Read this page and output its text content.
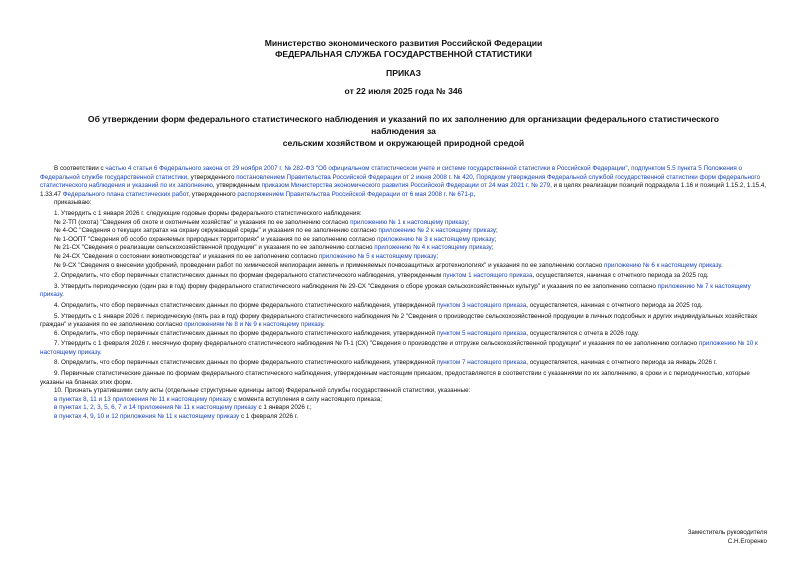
Министерство экономического развития Российской Федерации
ФЕДЕРАЛЬНАЯ СЛУЖБА ГОСУДАРСТВЕННОЙ СТАТИСТИКИ
ПРИКАЗ
от 22 июля 2025 года № 346
Об утверждении форм федерального статистического наблюдения и указаний по их заполнению для организации федерального статистического наблюдения за
сельским хозяйством и окружающей природной средой

В соответствии с частью 4 статьи 6 Федерального закона от 29 ноября 2007 г. № 282-ФЗ "Об официальном статистическом учете и системе государственной статистики в Российской Федерации", подпунктом 5.5 пункта 5 Положения о Федеральной службе государственной статистики, утвержденного постановлением Правительства Российской Федерации от 2 июня 2008 г. № 420, Порядком утверждения Федеральной службой государственной статистики форм федерального статистического наблюдения и указаний по их заполнению, утвержденным приказом Министерства экономического развития Российской Федерации от 24 мая 2021 г. № 279, и в целях реализации позиций подраздела 1.16 и позиций 1.15.2, 1.15.4, 1.33.47 Федерального плана статистических работ, утвержденного распоряжением Правительства Российской Федерации от 6 мая 2008 г. № 671-р,

приказываю:

1. Утвердить с 1 января 2026 г. следующие годовые формы федерального статистического наблюдения:

№ 2-ТП (охота) "Сведения об охоте и охотничьем хозяйстве" и указания по ее заполнению согласно приложению № 1 к настоящему приказу;

№ 4-ОС "Сведения о текущих затратах на охрану окружающей среды" и указания по ее заполнению согласно приложению № 2 к настоящему приказу;

№ 1-ООПТ "Сведения об особо охраняемых природных территориях" и указания по ее заполнению согласно приложению № 3 к настоящему приказу;

№ 21-СХ "Сведения о реализации сельскохозяйственной продукции" и указания по ее заполнению согласно приложению № 4 к настоящему приказу;

№ 24-СХ "Сведения о состоянии животноводства" и указания по ее заполнению согласно приложению № 5 к настоящему приказу;

№ 9-СХ "Сведения о внесении удобрений, проведении работ по химической мелиорации земель и применяемых почвозащитных агротехнологиях" и указания по ее заполнению согласно приложению № 6 к настоящему приказу.

2. Определить, что сбор первичных статистических данных по формам федерального статистического наблюдения, утвержденным пунктом 1 настоящего приказа, осуществляется, начиная с отчетного периода за 2025 год.

3. Утвердить периодическую (один раз в год) форму федерального статистического наблюдения № 29-СХ "Сведения о сборе урожая сельскохозяйственных культур" и указания по ее заполнению согласно приложению № 7 к настоящему приказу.

4. Определить, что сбор первичных статистических данных по форме федерального статистического наблюдения, утвержденной пунктом 3 настоящего приказа, осуществляется, начиная с отчетного периода за 2025 год.

5. Утвердить с 1 января 2026 г. периодическую (пять раз в год) форму федерального статистического наблюдения № 2 "Сведения о производстве сельскохозяйственной продукции в личных подсобных и других индивидуальных хозяйствах граждан" и указания по ее заполнению согласно приложениям № 8 и № 9 к настоящему приказу.

6. Определить, что сбор первичных статистических данных по форме федерального статистического наблюдения, утвержденной пунктом 5 настоящего приказа, осуществляется с отчета в 2026 году.

7. Утвердить с 1 февраля 2026 г. месячную форму федерального статистического наблюдения № П-1 (СХ) "Сведения о производстве и отгрузке сельскохозяйственной продукции" и указания по ее заполнению согласно приложению № 10 к настоящему приказу.

8. Определить, что сбор первичных статистических данных по форме федерального статистического наблюдения, утвержденной пунктом 7 настоящего приказа, осуществляется, начиная с отчетного периода за январь 2026 г.

9. Первичные статистические данные по формам федерального статистического наблюдения, утвержденным настоящим приказом, предоставляются в соответствии с указаниями по их заполнению, в сроки и с периодичностью, которые указаны на бланках этих форм.

10. Признать утратившими силу акты (отдельные структурные единицы актов) Федеральной службы государственной статистики, указанные:

в пунктах 8, 11 и 13 приложения № 11 к настоящему приказу с момента вступления в силу настоящего приказа;

в пунктах 1, 2, 3, 5, 6, 7 и 14 приложения № 11 к настоящему приказу с 1 января 2026 г.;

в пунктах 4, 9, 10 и 12 приложения № 11 к настоящему приказу с 1 февраля 2026 г.

Заместитель руководителя
С.Н.Егоренко
